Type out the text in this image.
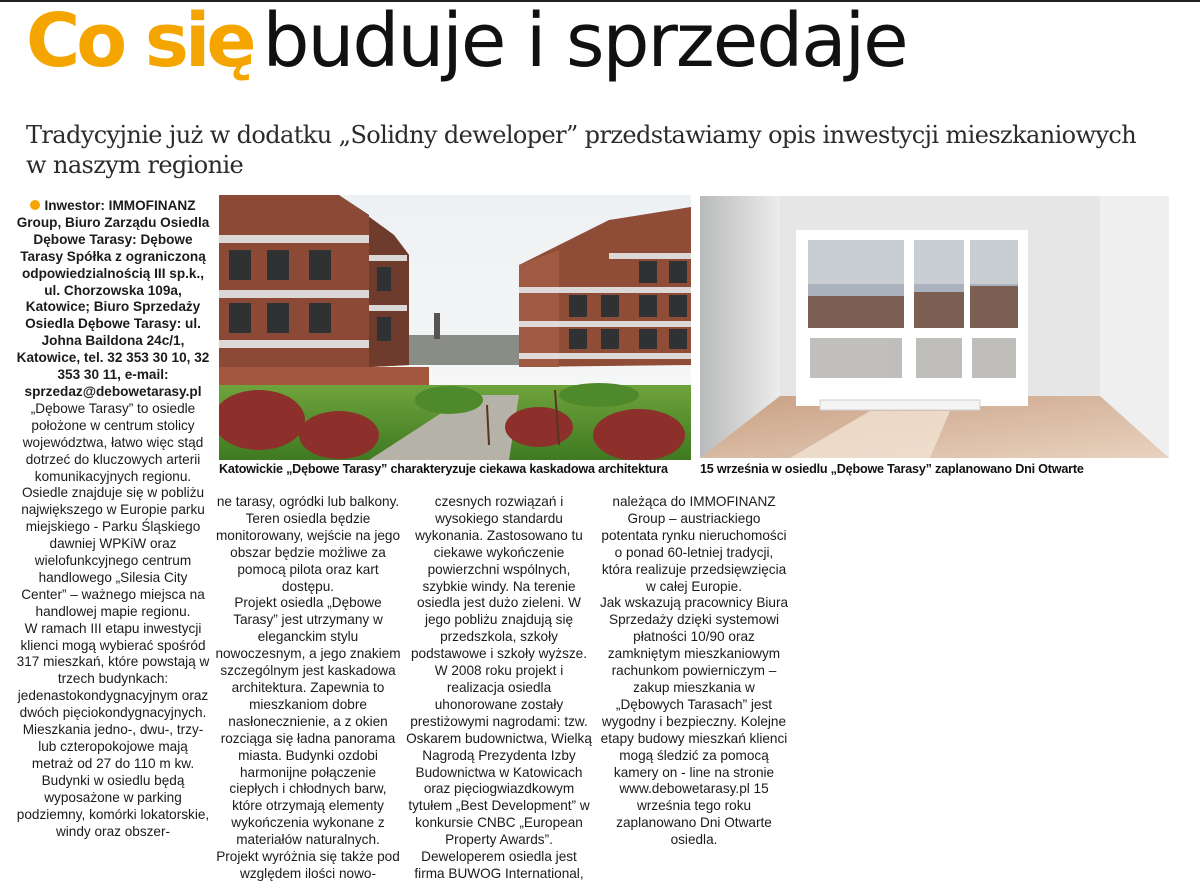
Co się buduje i sprzedaje
Tradycyjnie już w dodatku „Solidny deweloper” przedstawiamy opis inwestycji mieszkaniowych w naszym regionie
Katowickie „Dębowe Tarasy” charakteryzuje ciekawa kaskadowa architektura	15 września w osiedlu „Dębowe Tarasy” zaplanowano Dni Otwarte

Inwestor: IMMOFINANZ Group, Biuro Zarządu Osiedla Dębowe Tarasy: Dębowe Tarasy Spółka z ograniczoną odpowiedzialnością III sp.k., ul. Chorzowska 109a, Katowice; Biuro Sprzedaży Osiedla Dębowe Tarasy: ul. Johna Baildona 24c/1, Katowice, tel. 32 353 30 10, 32 353 30 11, e-mail: sprzedaz@debowetarasy.pl

„Dębowe Tarasy” to osiedle położone w centrum stolicy województwa, łatwo więc stąd dotrzeć do kluczowych arterii komunikacyjnych regionu. Osiedle znajduje się w pobliżu największego w Europie parku miejskiego - Parku Śląskiego dawniej WPKiW oraz wielofunkcyjnego centrum handlowego „Silesia City Center” – ważnego miejsca na handlowej mapie regionu.

W ramach III etapu inwestycji klienci mogą wybierać spośród 317 mieszkań, które powstają w trzech budynkach: jedenastokondygnacyjnym oraz dwóch pięciokondygnacyjnych. Mieszkania jedno-, dwu-, trzy- lub czteropokojowe mają metraż od 27 do 110 m kw.

Budynki w osiedlu będą wyposażone w parking podziemny, komórki lokatorskie, windy oraz obszer-

ne tarasy, ogródki lub balkony. Teren osiedla będzie monitorowany, wejście na jego obszar będzie możliwe za pomocą pilota oraz kart dostępu.

Projekt osiedla „Dębowe Tarasy” jest utrzymany w eleganckim stylu nowoczesnym, a jego znakiem szczególnym jest kaskadowa architektura. Zapewnia to mieszkaniom dobre nasłonecznienie, a z okien rozciąga się ładna panorama miasta. Budynki ozdobi harmonijne połączenie ciepłych i chłodnych barw, które otrzymają elementy wykończenia wykonane z materiałów naturalnych. Projekt wyróżnia się także pod względem ilości nowo-

czesnych rozwiązań i wysokiego standardu wykonania. Zastosowano tu ciekawe wykończenie powierzchni wspólnych, szybkie windy. Na terenie osiedla jest dużo zieleni. W jego pobliżu znajdują się przedszkola, szkoły podstawowe i szkoły wyższe.

W 2008 roku projekt i realizacja osiedla uhonorowane zostały prestiżowymi nagrodami: tzw. Oskarem budownictwa, Wielką Nagrodą Prezydenta Izby Budownictwa w Katowicach oraz pięciogwiazdkowym tytułem „Best Development” w konkursie CNBC „European Property Awards”.

Deweloperem osiedla jest firma BUWOG International,

należąca do IMMOFINANZ Group – austriackiego potentata rynku nieruchomości o ponad 60-letniej tradycji, która realizuje przedsięwzięcia w całej Europie.

Jak wskazują pracownicy Biura Sprzedaży dzięki systemowi płatności 10/90 oraz zamkniętym mieszkaniowym rachunkom powierniczym – zakup mieszkania w „Dębowych Tarasach” jest wygodny i bezpieczny. Kolejne etapy budowy mieszkań klienci mogą śledzić za pomocą kamery on - line na stronie www.debowetarasy.pl 15 września tego roku zaplanowano Dni Otwarte osiedla.
